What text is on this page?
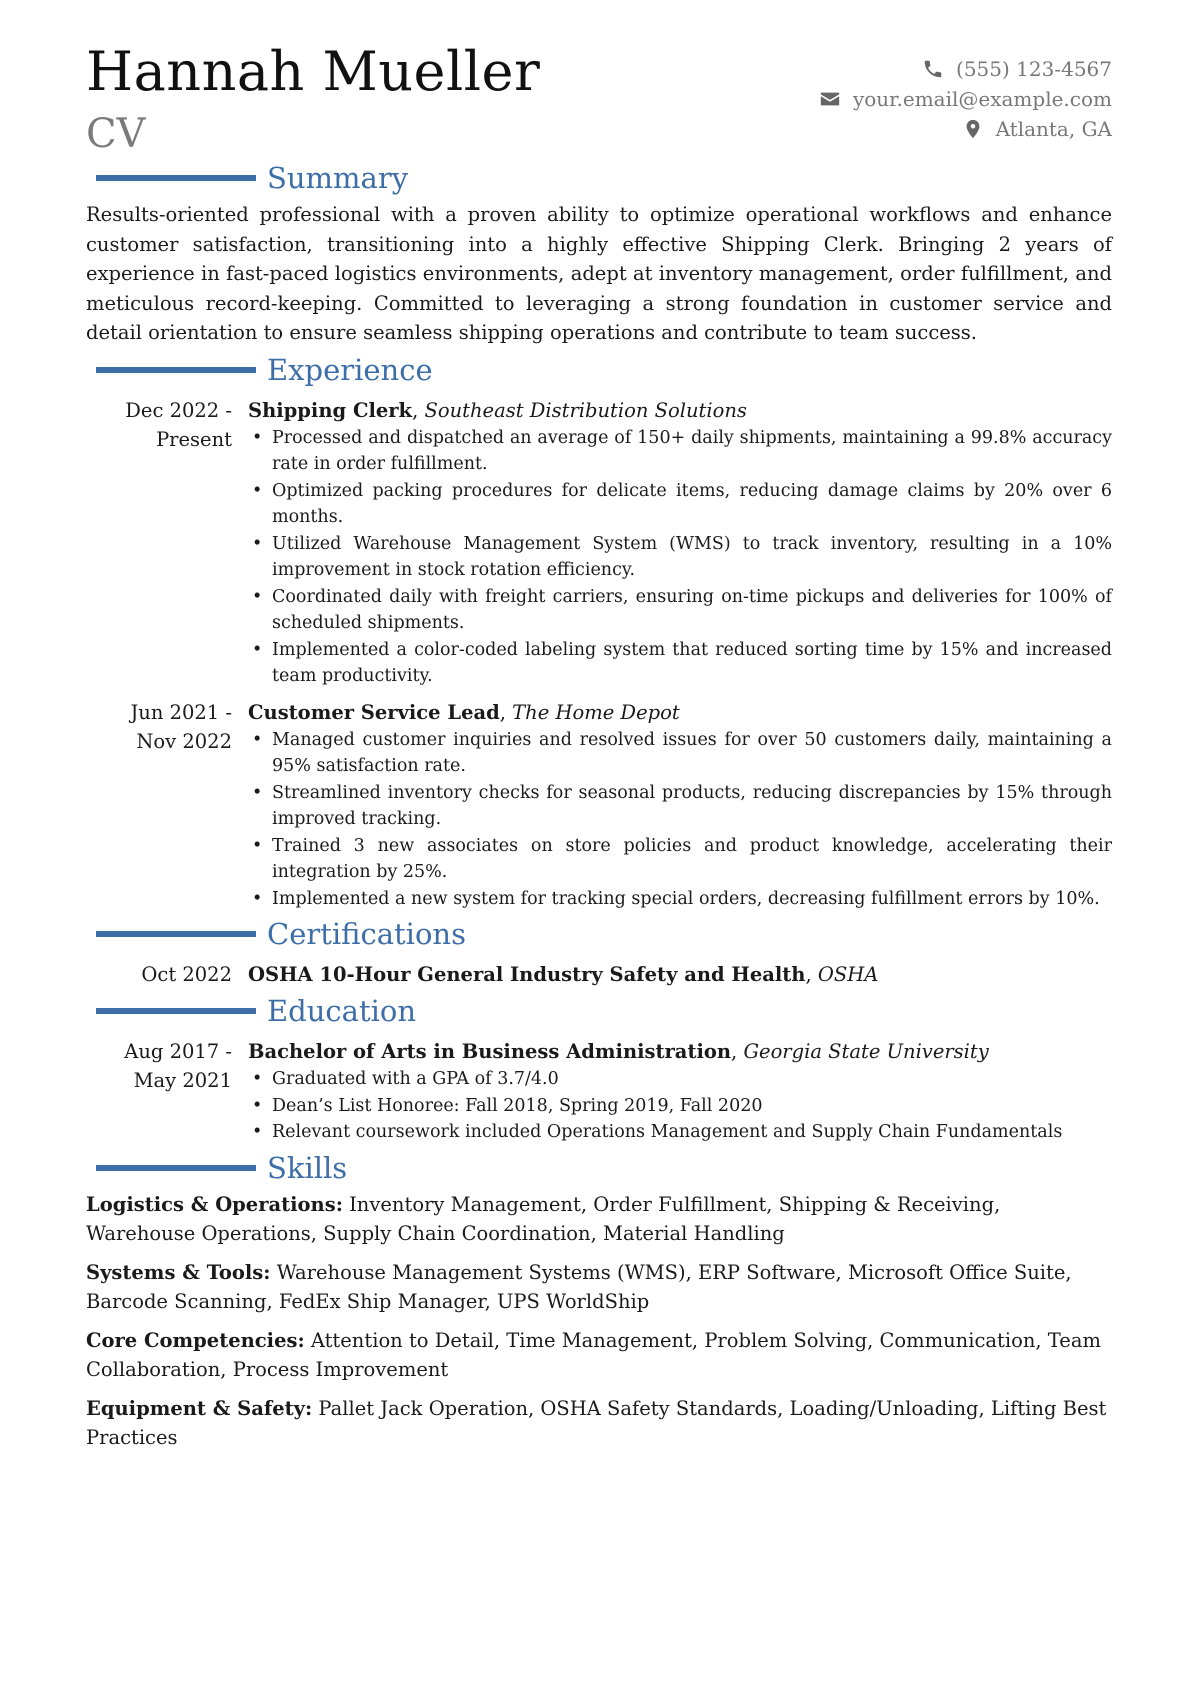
Hannah Mueller
CV
(555) 123-4567
your.email@example.com
Atlanta, GA
Summary
Results-oriented professional with a proven ability to optimize operational workflows and enhance customer satisfaction, transitioning into a highly effective Shipping Clerk. Bringing 2 years of experience in fast-paced logistics environments, adept at inventory management, order fulfillment, and meticulous record-keeping. Committed to leveraging a strong foundation in customer service and detail orientation to ensure seamless shipping operations and contribute to team success.
Experience
Dec 2022 - Present
Shipping Clerk, Southeast Distribution Solutions
• Processed and dispatched an average of 150+ daily shipments, maintaining a 99.8% accuracy rate in order fulfillment.
• Optimized packing procedures for delicate items, reducing damage claims by 20% over 6 months.
• Utilized Warehouse Management System (WMS) to track inventory, resulting in a 10% improvement in stock rotation efficiency.
• Coordinated daily with freight carriers, ensuring on-time pickups and deliveries for 100% of scheduled shipments.
• Implemented a color-coded labeling system that reduced sorting time by 15% and increased team productivity.
Jun 2021 - Nov 2022
Customer Service Lead, The Home Depot
• Managed customer inquiries and resolved issues for over 50 customers daily, maintaining a 95% satisfaction rate.
• Streamlined inventory checks for seasonal products, reducing discrepancies by 15% through improved tracking.
• Trained 3 new associates on store policies and product knowledge, accelerating their integration by 25%.
• Implemented a new system for tracking special orders, decreasing fulfillment errors by 10%.
Certifications
Oct 2022 OSHA 10-Hour General Industry Safety and Health, OSHA
Education
Aug 2017 - May 2021
Bachelor of Arts in Business Administration, Georgia State University
• Graduated with a GPA of 3.7/4.0
• Dean’s List Honoree: Fall 2018, Spring 2019, Fall 2020
• Relevant coursework included Operations Management and Supply Chain Fundamentals
Skills
Logistics & Operations: Inventory Management, Order Fulfillment, Shipping & Receiving, Warehouse Operations, Supply Chain Coordination, Material Handling
Systems & Tools: Warehouse Management Systems (WMS), ERP Software, Microsoft Office Suite, Barcode Scanning, FedEx Ship Manager, UPS WorldShip
Core Competencies: Attention to Detail, Time Management, Problem Solving, Communication, Team Collaboration, Process Improvement
Equipment & Safety: Pallet Jack Operation, OSHA Safety Standards, Loading/Unloading, Lifting Best Practices
